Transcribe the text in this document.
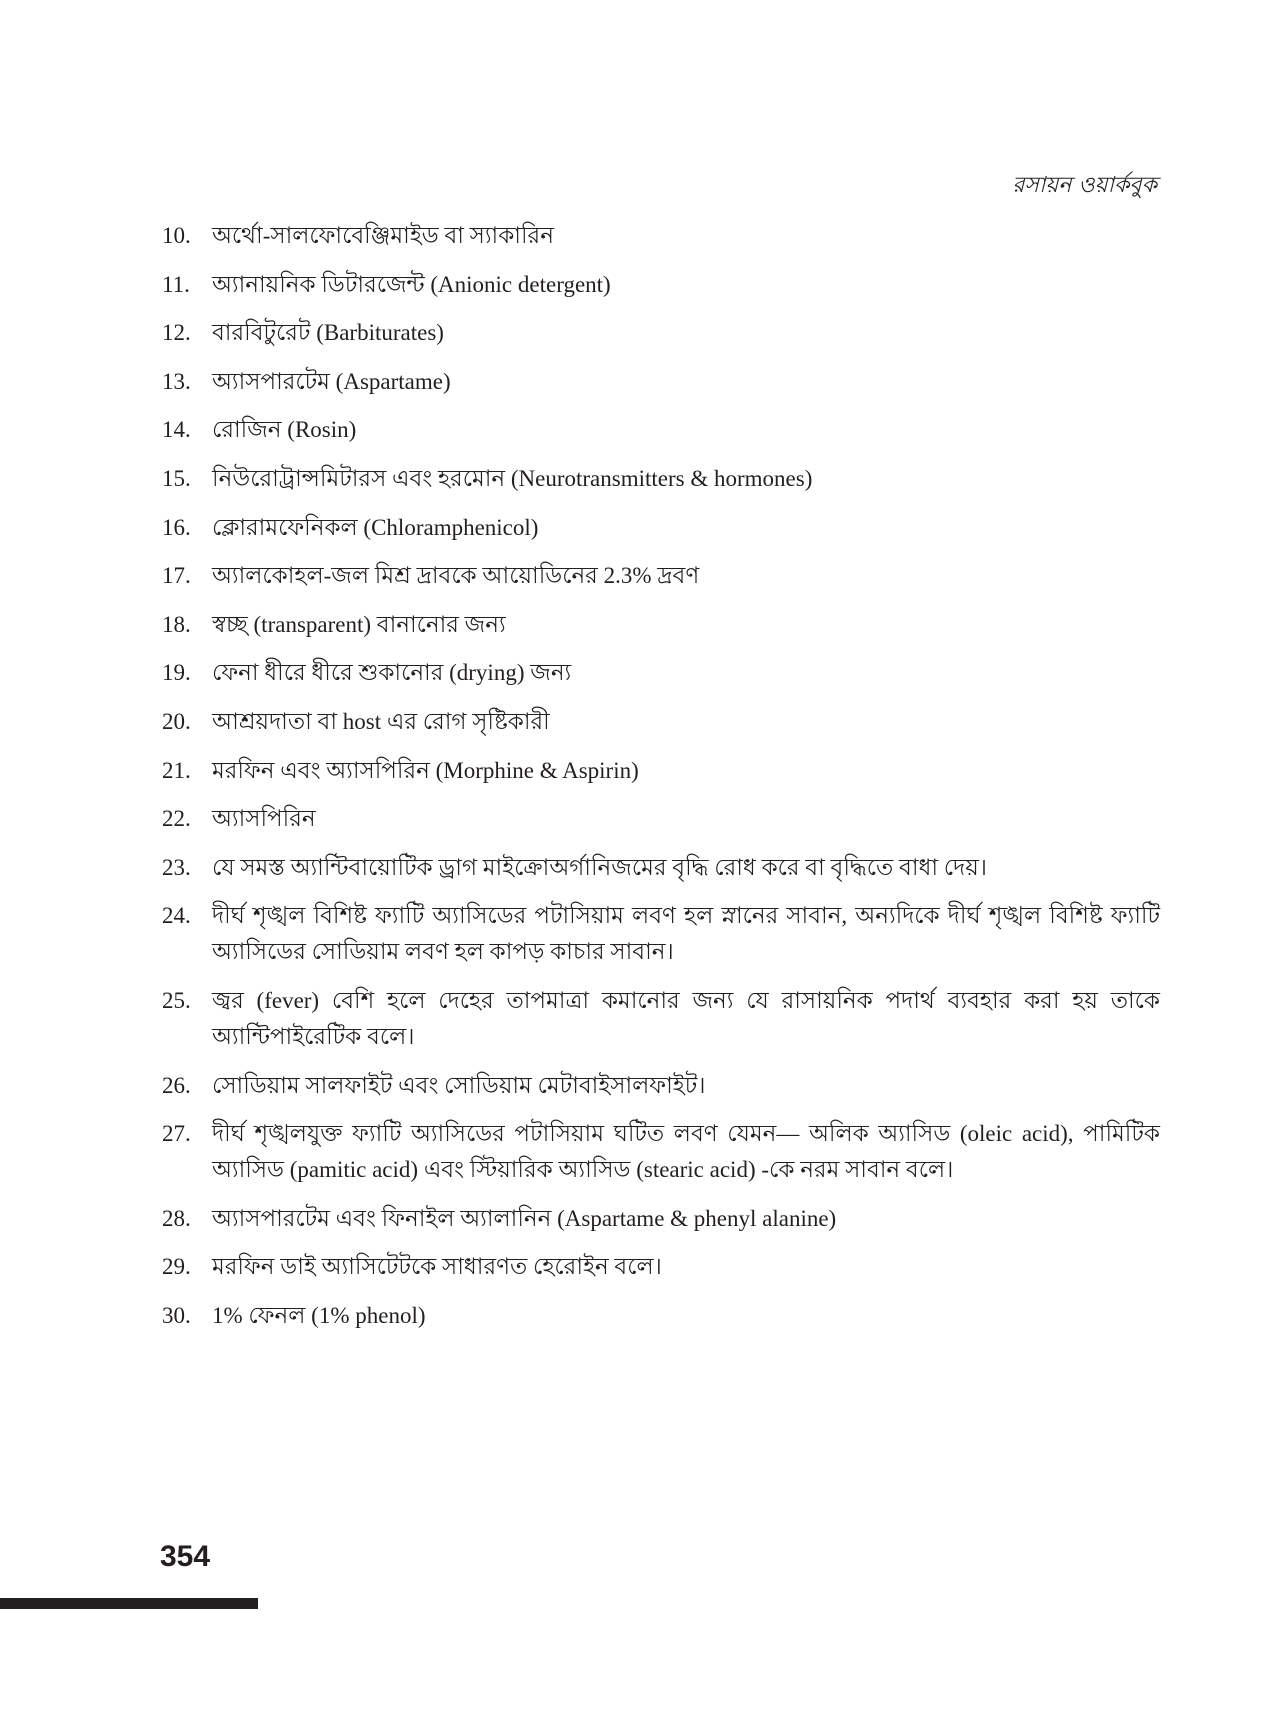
রসায়ন ওয়ার্কবুক
10. অর্থো-সালফোবেঞ্জিমাইড বা স্যাকারিন
11. অ্যানায়নিক ডিটারজেন্ট (Anionic detergent)
12. বারবিটুরেট (Barbiturates)
13. অ্যাসপারটেম (Aspartame)
14. রোজিন (Rosin)
15. নিউরোট্রান্সমিটারস এবং হরমোন (Neurotransmitters & hormones)
16. ক্লোরামফেনিকল (Chloramphenicol)
17. অ্যালকোহল-জল মিশ্র দ্রাবকে আয়োডিনের 2.3% দ্রবণ
18. স্বচ্ছ (transparent) বানানোর জন্য
19. ফেনা ধীরে ধীরে শুকানোর (drying) জন্য
20. আশ্রয়দাতা বা host এর রোগ সৃষ্টিকারী
21. মরফিন এবং অ্যাসপিরিন (Morphine & Aspirin)
22. অ্যাসপিরিন
23. যে সমস্ত অ্যান্টিবায়োটিক ড্রাগ মাইক্রোঅর্গানিজমের বৃদ্ধি রোধ করে বা বৃদ্ধিতে বাধা দেয়।
24. দীর্ঘ শৃঙ্খল বিশিষ্ট ফ্যাটি অ্যাসিডের পটাসিয়াম লবণ হল স্নানের সাবান, অন্যদিকে দীর্ঘ শৃঙ্খল বিশিষ্ট ফ্যাটি অ্যাসিডের সোডিয়াম লবণ হল কাপড় কাচার সাবান।
25. জ্বর (fever) বেশি হলে দেহের তাপমাত্রা কমানোর জন্য যে রাসায়নিক পদার্থ ব্যবহার করা হয় তাকে অ্যান্টিপাইরেটিক বলে।
26. সোডিয়াম সালফাইট এবং সোডিয়াম মেটাবাইসালফাইট।
27. দীর্ঘ শৃঙ্খলযুক্ত ফ্যাটি অ্যাসিডের পটাসিয়াম ঘটিত লবণ যেমন— অলিক অ্যাসিড (oleic acid), পামিটিক অ্যাসিড (pamitic acid) এবং স্টিয়ারিক অ্যাসিড (stearic acid) -কে নরম সাবান বলে।
28. অ্যাসপারটেম এবং ফিনাইল অ্যালানিন (Aspartame & phenyl alanine)
29. মরফিন ডাই অ্যাসিটেটকে সাধারণত হেরোইন বলে।
30. 1% ফেনল (1% phenol)
354
